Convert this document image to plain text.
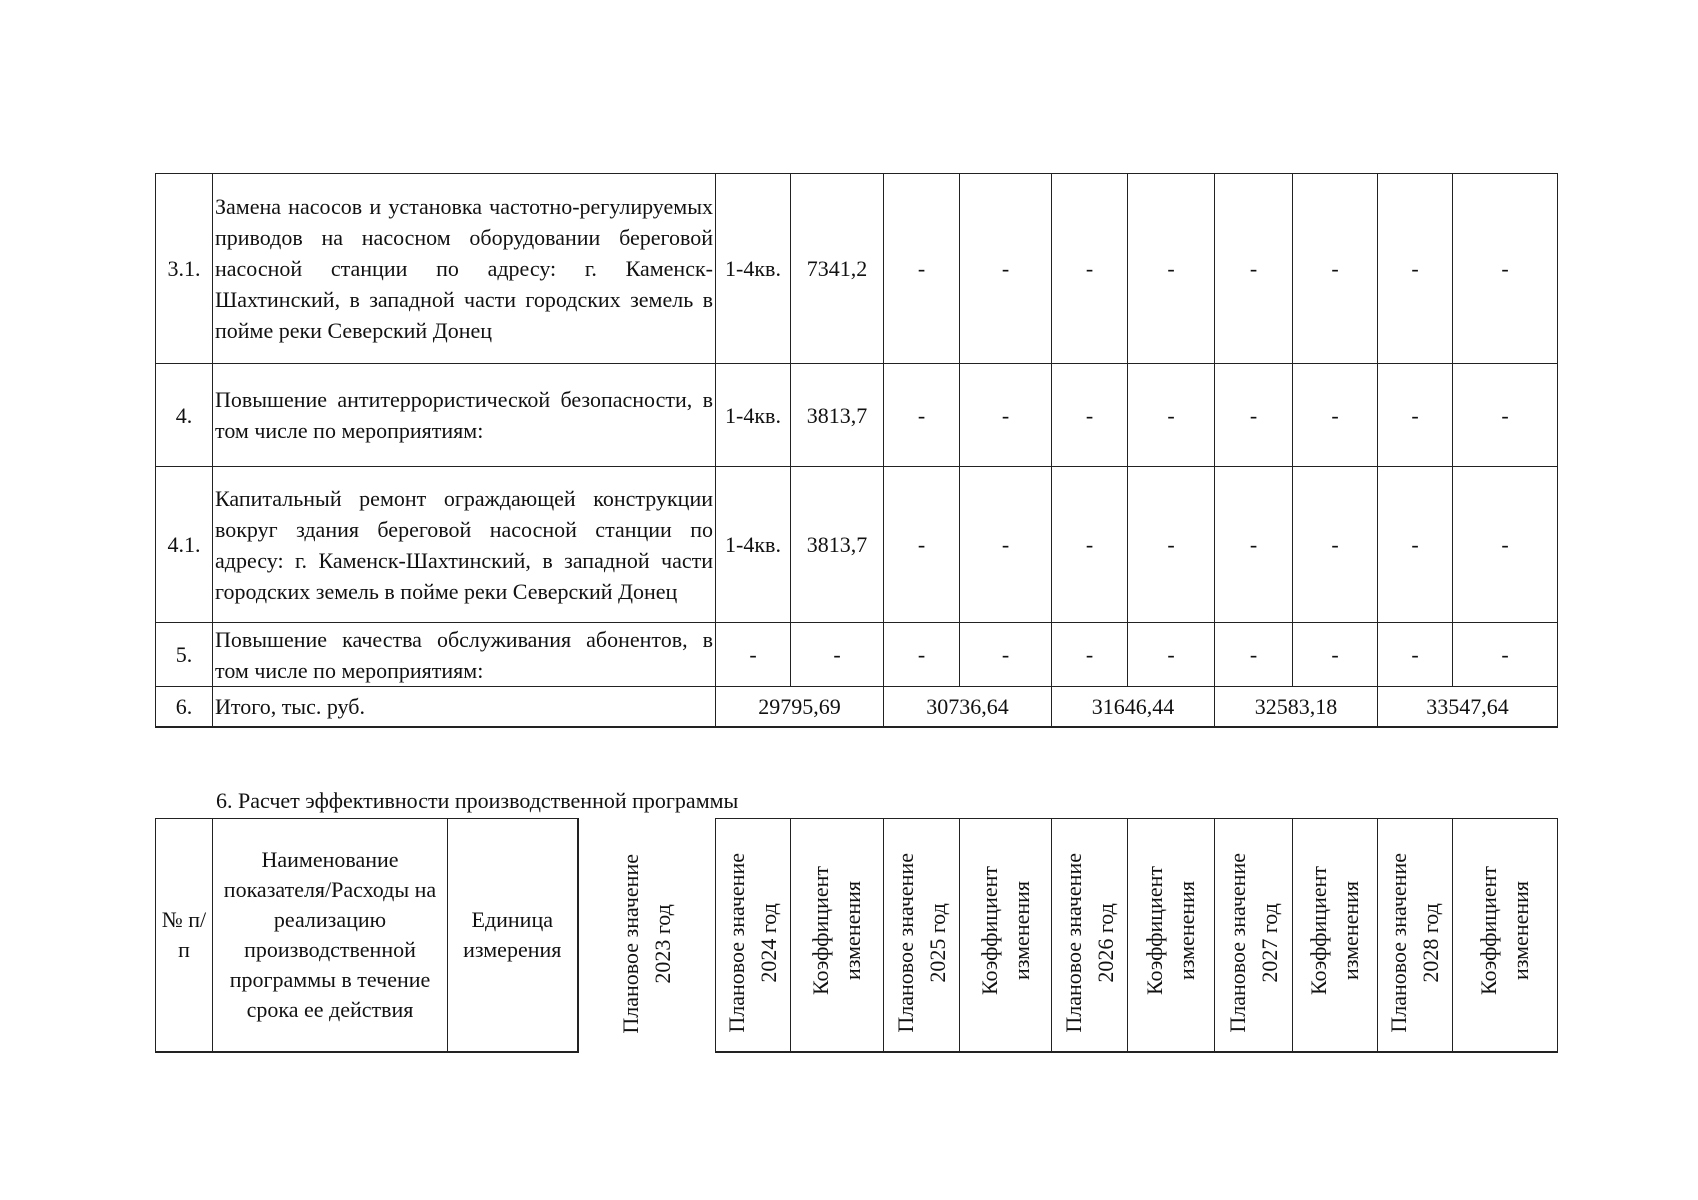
3.1.	Замена насосов и установка частотно-регулируемых приводов на насосном оборудовании береговой насосной станции по адресу: г. Каменск-Шахтинский, в западной части городских земель в пойме реки Северский Донец	1-4кв.	7341,2	-	-	-	-	-	-	-	-
4.	Повышение антитеррористической безопасности, в том числе по мероприятиям:	1-4кв.	3813,7	-	-	-	-	-	-	-	-
4.1.	Капитальный ремонт ограждающей конструкции вокруг здания береговой насосной станции по адресу: г. Каменск-Шахтинский, в западной части городских земель в пойме реки Северский Донец	1-4кв.	3813,7	-	-	-	-	-	-	-	-
5.	Повышение качества обслуживания абонентов, в том числе по мероприятиям:	-	-	-	-	-	-	-	-	-	-
6.	Итого, тыс. руб.	29795,69		30736,64		31646,44		32583,18		33547,64	
6. Расчет эффективности производственной программы
№ п/п	Наименование показателя/Расходы на реализацию производственной программы в течение срока ее действия	Единица измерения	Плановое значение 2023 год	Плановое значение 2024 год	Коэффициент изменения	Плановое значение 2025 год	Коэффициент изменения	Плановое значение 2026 год	Коэффициент изменения	Плановое значение 2027 год	Коэффициент изменения	Плановое значение 2028 год	Коэффициент изменения
